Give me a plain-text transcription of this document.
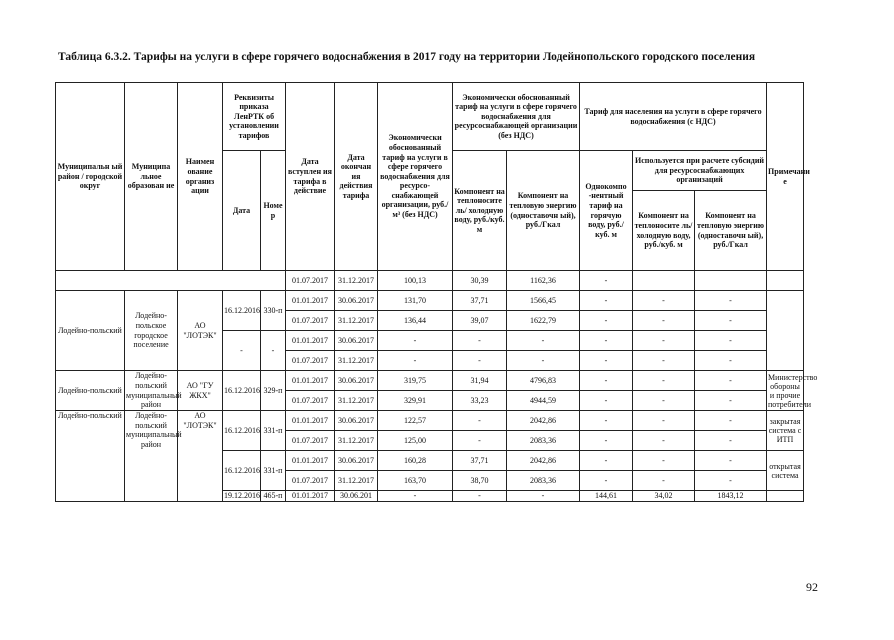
Таблица 6.3.2. Тарифы на услуги в сфере горячего водоснабжения в 2017 году на территории Лодейнопольского городского поселения
Муниципальн ый район / городской округ	Муниципа льное образован ие	Наимен ование организ ации	Реквизиты приказа ЛенРТК об установлении тарифов		Дата вступлен ия тарифа в действие	Дата окончан ия действия тарифа	Экономически обоснованный тариф на услуги в сфере горячего водоснабжения для ресурсо-снабжающей организации, руб./м³ (без НДС)	Экономически обоснованный тариф на услуги в сфере горячего водоснабжения для ресурсоснабжающей организации (без НДС)		Тариф для населения на услуги в сфере горячего водоснабжения (с НДС)			Примечани е
			Дата	Номе р				Компонент на теплоносите ль/ холодную воду, руб./куб. м	Компонент на тепловую энергию (одноставочн ый), руб./Гкал	Однокомпо -нентный тариф на горячую воду, руб./куб. м	Используется при расчете субсидий для ресурсоснабжающих организаций		
											Компонент на теплоносите ль/ холодную воду, руб./куб. м	Компонент на тепловую энергию (одноставочн ый), руб./Гкал	
					01.07.2017	31.12.2017	100,13	30,39	1162,36	-			
Лодейно-польский	Лодейно-польское городское поселение	АО "ЛОТЭК"	16.12.2016	330-п	01.01.2017	30.06.2017	131,70	37,71	1566,45	-	-	-	
					01.07.2017	31.12.2017	136,44	39,07	1622,79	-	-	-	
			-	-	01.01.2017	30.06.2017	-	-	-	-	-	-	
					01.07.2017	31.12.2017	-	-	-	-	-	-	
Лодейно-польский	Лодейно-польский муниципальный район	АО "ГУ ЖКХ"	16.12.2016	329-п	01.01.2017	30.06.2017	319,75	31,94	4796,83	-	-	-	Министерство обороны и прочие потребители
					01.07.2017	31.12.2017	329,91	33,23	4944,59	-	-	-	
Лодейно-польский	Лодейно-польский муниципальный район	АО "ЛОТЭК"	16.12.2016	331-п	01.01.2017	30.06.2017	122,57	-	2042,86	-	-	-	закрытая система с ИТП
					01.07.2017	31.12.2017	125,00	-	2083,36	-	-	-	
			16.12.2016	331-п	01.01.2017	30.06.2017	160,28	37,71	2042,86	-	-	-	открытая система
					01.07.2017	31.12.2017	163,70	38,70	2083,36	-	-	-	
			19.12.2016	465-п	01.01.2017	30.06.201	-	-	-	144,61	34,02	1843,12	
92
